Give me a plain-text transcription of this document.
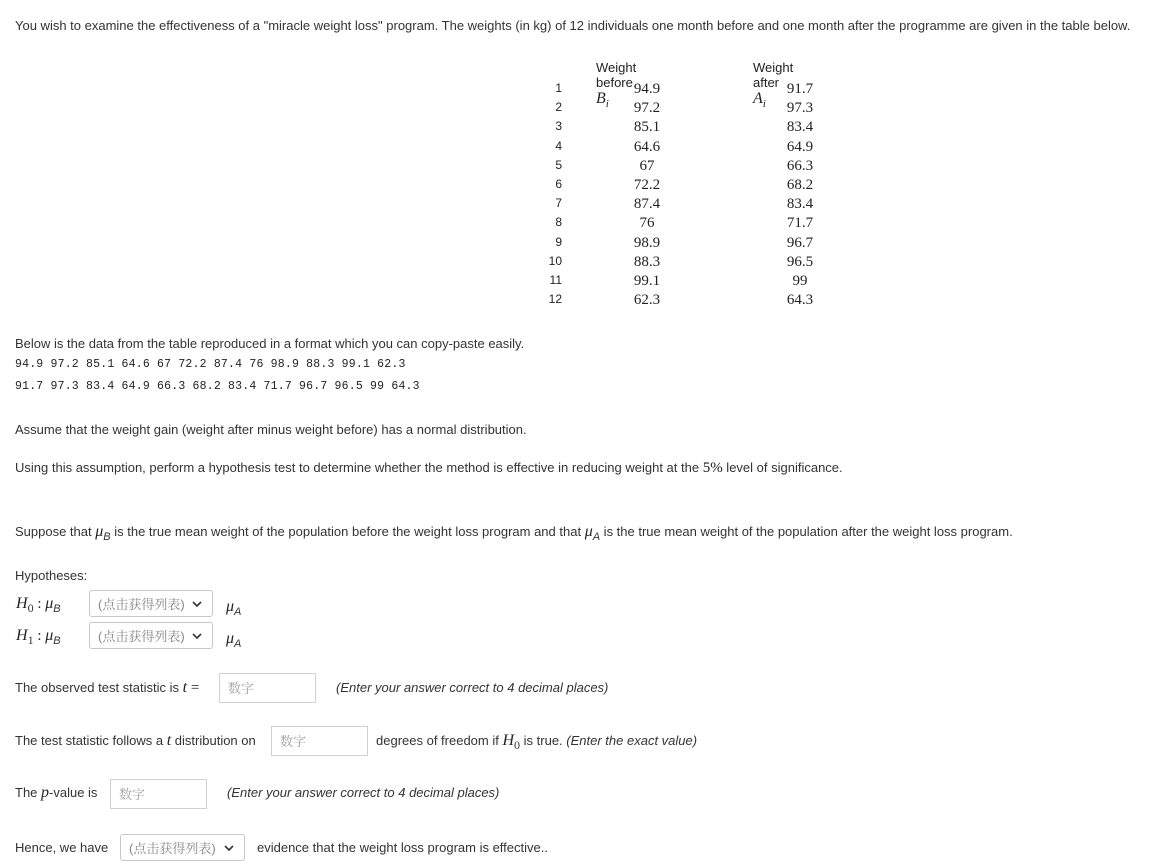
You wish to examine the effectiveness of a "miracle weight loss" program. The weights (in kg) of 12 individuals one month before and one month after the programme are given in the table below.
Weight before $B_i$
Weight after $A_i$
1	94.9	91.7
2	97.2	97.3
3	85.1	83.4
4	64.6	64.9
5	67	66.3
6	72.2	68.2
7	87.4	83.4
8	76	71.7
9	98.9	96.7
10	88.3	96.5
11	99.1	99
12	62.3	64.3
Below is the data from the table reproduced in a format which you can copy-paste easily.
94.9 97.2 85.1 64.6 67 72.2 87.4 76 98.9 88.3 99.1 62.3
91.7 97.3 83.4 64.9 66.3 68.2 83.4 71.7 96.7 96.5 99 64.3
Assume that the weight gain (weight after minus weight before) has a normal distribution.
Using this assumption, perform a hypothesis test to determine whether the method is effective in reducing weight at the 5% level of significance.
Suppose that $\mu_B$ is the true mean weight of the population before the weight loss program and that $\mu_A$ is the true mean weight of the population after the weight loss program.
Hypotheses:
H0 : $\mu_B$	(点击获得列表)	$\mu_A$
H1 : $\mu_B$	(点击获得列表)	$\mu_A$
The observed test statistic is t =
数字	(Enter your answer correct to 4 decimal places)
The test statistic follows a t distribution on
数字	degrees of freedom if H0 is true. (Enter the exact value)
The p-value is
数字	(Enter your answer correct to 4 decimal places)
Hence, we have (点击获得列表)	evidence that the weight loss program is effective..
